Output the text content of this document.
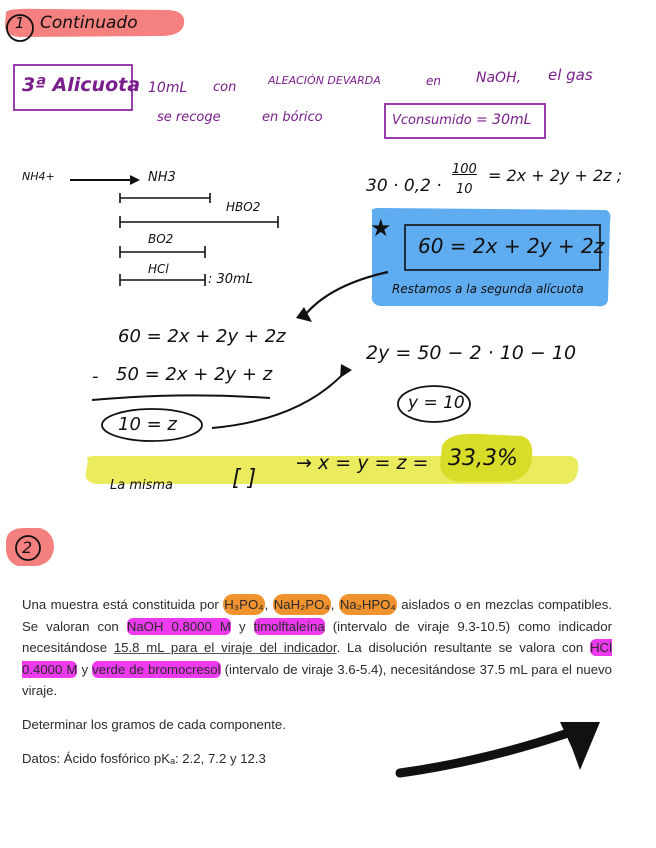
1 Continuado
3ª Alicuota 10mL con	ALEACIÓN DEVARDA	en	NaOH, el gas
se recoge	en bórico	Vconsumido = 30mL
NH4+	NH3
HBO2
BO2
HCl
: 30mL
30 · 0,2 ·
100
10
= 2x + 2y + 2z ;
★
60 = 2x + 2y + 2z
Restamos a la segunda alícuota
60 = 2x + 2y + 2z
- 50 = 2x + 2y + z
10 = z
2y = 50 − 2 · 10 − 10
y = 10
La misma	[ ]
→ x = y = z = 33,3%
2

Una muestra está constituida por H₃PO₄, NaH₂PO₄, Na₂HPO₄ aislados o en mezclas compatibles. Se valoran con NaOH 0.8000 M y timolftaleína (intervalo de viraje 9.3-10.5) como indicador necesitándose 15.8 mL para el viraje del indicador. La disolución resultante se valora con HCl 0.4000 M y verde de bromocresol (intervalo de viraje 3.6-5.4), necesitándose 37.5 mL para el nuevo viraje.

Determinar los gramos de cada componente.

Datos: Ácido fosfórico pKₐ: 2.2, 7.2 y 12.3
